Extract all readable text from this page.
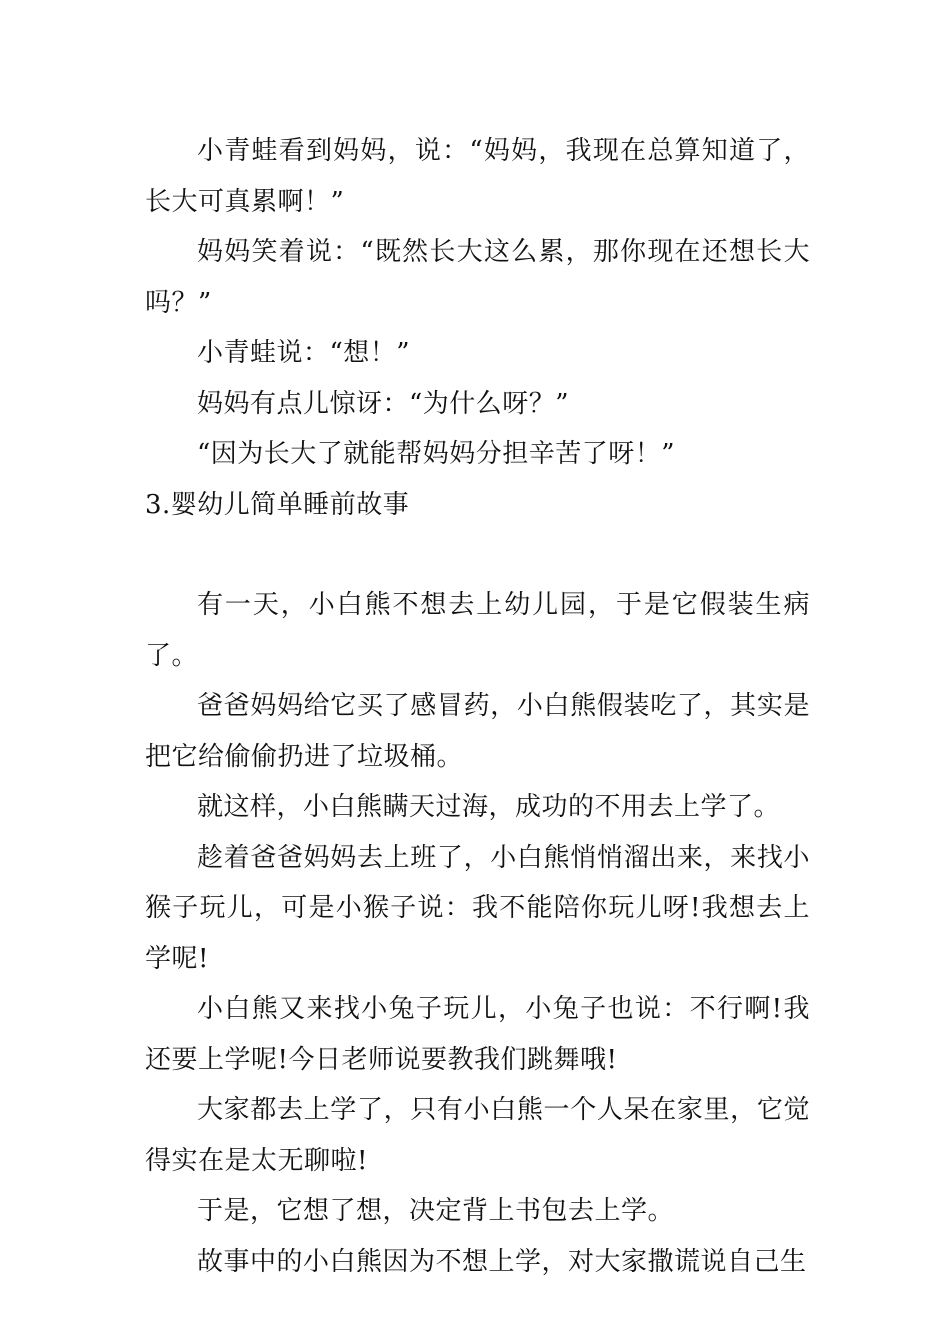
小青蛙看到妈妈，说：“妈妈，我现在总算知道了，长大可真累啊！”

妈妈笑着说：“既然长大这么累，那你现在还想长大吗？”

小青蛙说：“想！”

妈妈有点儿惊讶：“为什么呀？”

“因为长大了就能帮妈妈分担辛苦了呀！”

3.婴幼儿简单睡前故事

有一天，小白熊不想去上幼儿园，于是它假装生病了。

爸爸妈妈给它买了感冒药，小白熊假装吃了，其实是把它给偷偷扔进了垃圾桶。

就这样，小白熊瞒天过海，成功的不用去上学了。

趁着爸爸妈妈去上班了，小白熊悄悄溜出来，来找小猴子玩儿，可是小猴子说：我不能陪你玩儿呀!我想去上学呢!

小白熊又来找小兔子玩儿，小兔子也说：不行啊!我还要上学呢!今日老师说要教我们跳舞哦!

大家都去上学了，只有小白熊一个人呆在家里，它觉得实在是太无聊啦!

于是，它想了想，决定背上书包去上学。

故事中的小白熊因为不想上学，对大家撒谎说自己生
